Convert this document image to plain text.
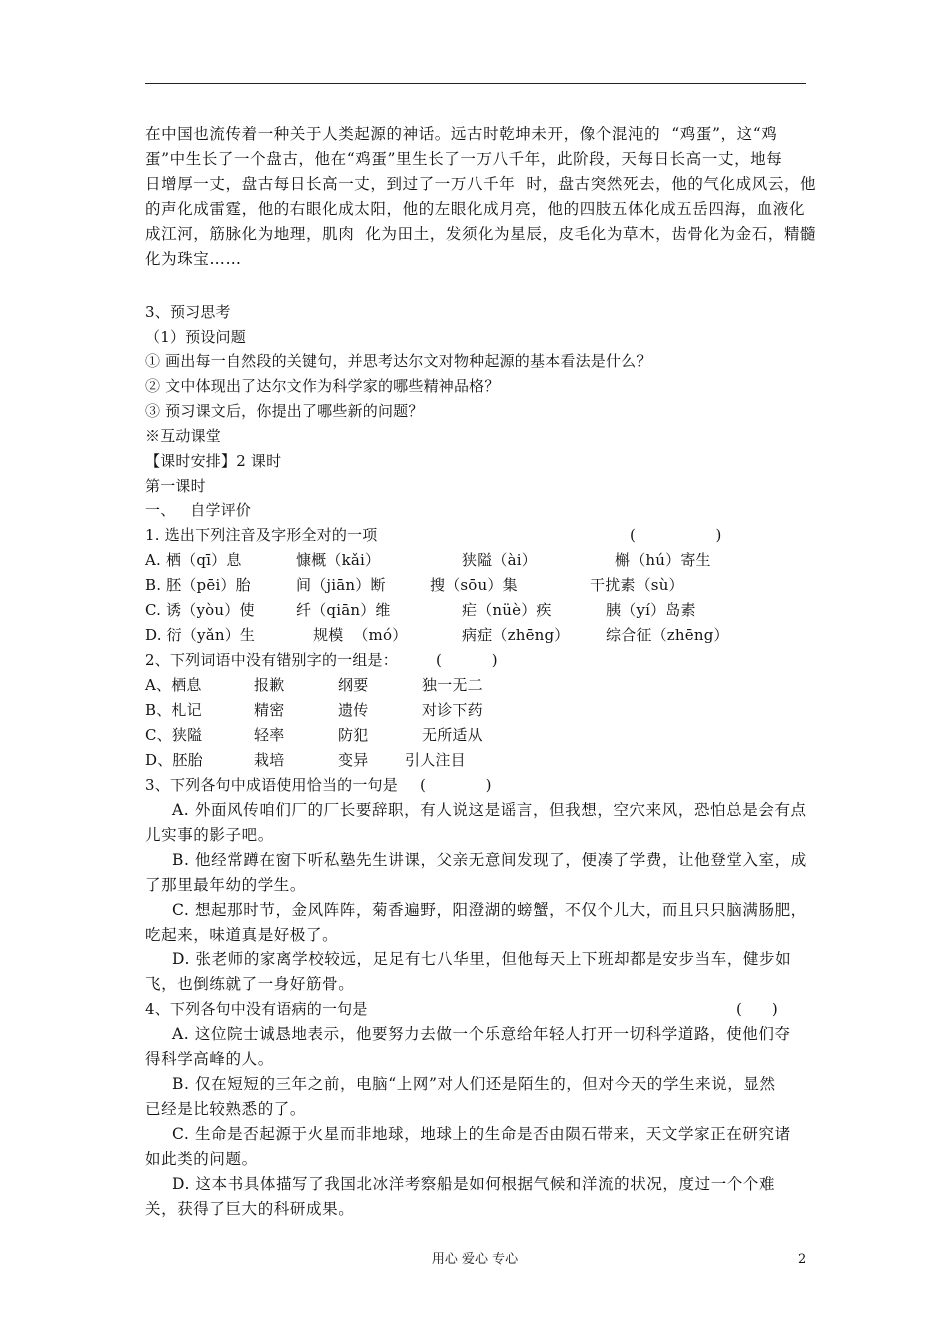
在中国也流传着一种关于人类起源的神话。远古时乾坤未开，像个混沌的  “鸡蛋”，这“鸡
蛋”中生长了一个盘古，他在“鸡蛋”里生长了一万八千年，此阶段，天每日长高一丈，地每
日增厚一丈，盘古每日长高一丈，到过了一万八千年  时，盘古突然死去，他的气化成风云，他
的声化成雷霆，他的右眼化成太阳，他的左眼化成月亮，他的四肢五体化成五岳四海，血液化
成江河，筋脉化为地理，肌肉  化为田土，发须化为星辰，皮毛化为草木，齿骨化为金石，精髓
化为珠宝……
3、预习思考
（1）预设问题
① 画出每一自然段的关键句，并思考达尔文对物种起源的基本看法是什么？
② 文中体现出了达尔文作为科学家的哪些精神品格？
③ 预习课文后，你提出了哪些新的问题？
※互动课堂
【课时安排】2 课时
第一课时
一、   自学评价
1. 选出下列注音及字形全对的一项	(                )
A. 栖（qī）息	慷概（kǎi）	狭隘（ài）	槲（hú）寄生
B. 胚（pēi）胎	间（jiān）断	搜（sōu）集	干扰素（sù）
C. 诱（yòu）使	纤（qiān）维	疟（nüè）疾	胰（yí）岛素
D. 衍（yǎn）生	规模  （mó）	病症（zhēng） 综合征（zhēng）
2、下列词语中没有错别字的一组是：	(          )
A、栖息	报歉	纲要	独一无二
B、札记	精密	遗传	对诊下药
C、狭隘	轻率	防犯	无所适从
D、胚胎	栽培	变异 引人注目
3、下列各句中成语使用恰当的一句是 (            )
A. 外面风传咱们厂的厂长要辞职，有人说这是谣言，但我想，空穴来风，恐怕总是会有点
儿实事的影子吧。
B. 他经常蹲在窗下听私塾先生讲课，父亲无意间发现了，便凑了学费，让他登堂入室，成
了那里最年幼的学生。
C. 想起那时节，金风阵阵，菊香遍野，阳澄湖的螃蟹，不仅个儿大，而且只只脑满肠肥，
吃起来，味道真是好极了。
D. 张老师的家离学校较远，足足有七八华里，但他每天上下班却都是安步当车，健步如
飞，也倒练就了一身好筋骨。
4、下列各句中没有语病的一句是	(      )
A. 这位院士诚恳地表示，他要努力去做一个乐意给年轻人打开一切科学道路，使他们夺
得科学高峰的人。
B. 仅在短短的三年之前，电脑“上网”对人们还是陌生的，但对今天的学生来说，显然
已经是比较熟悉的了。
C. 生命是否起源于火星而非地球，地球上的生命是否由陨石带来，天文学家正在研究诸
如此类的问题。
D. 这本书具体描写了我国北冰洋考察船是如何根据气候和洋流的状况，度过一个个难
关，获得了巨大的科研成果。
用心 爱心 专心	2
